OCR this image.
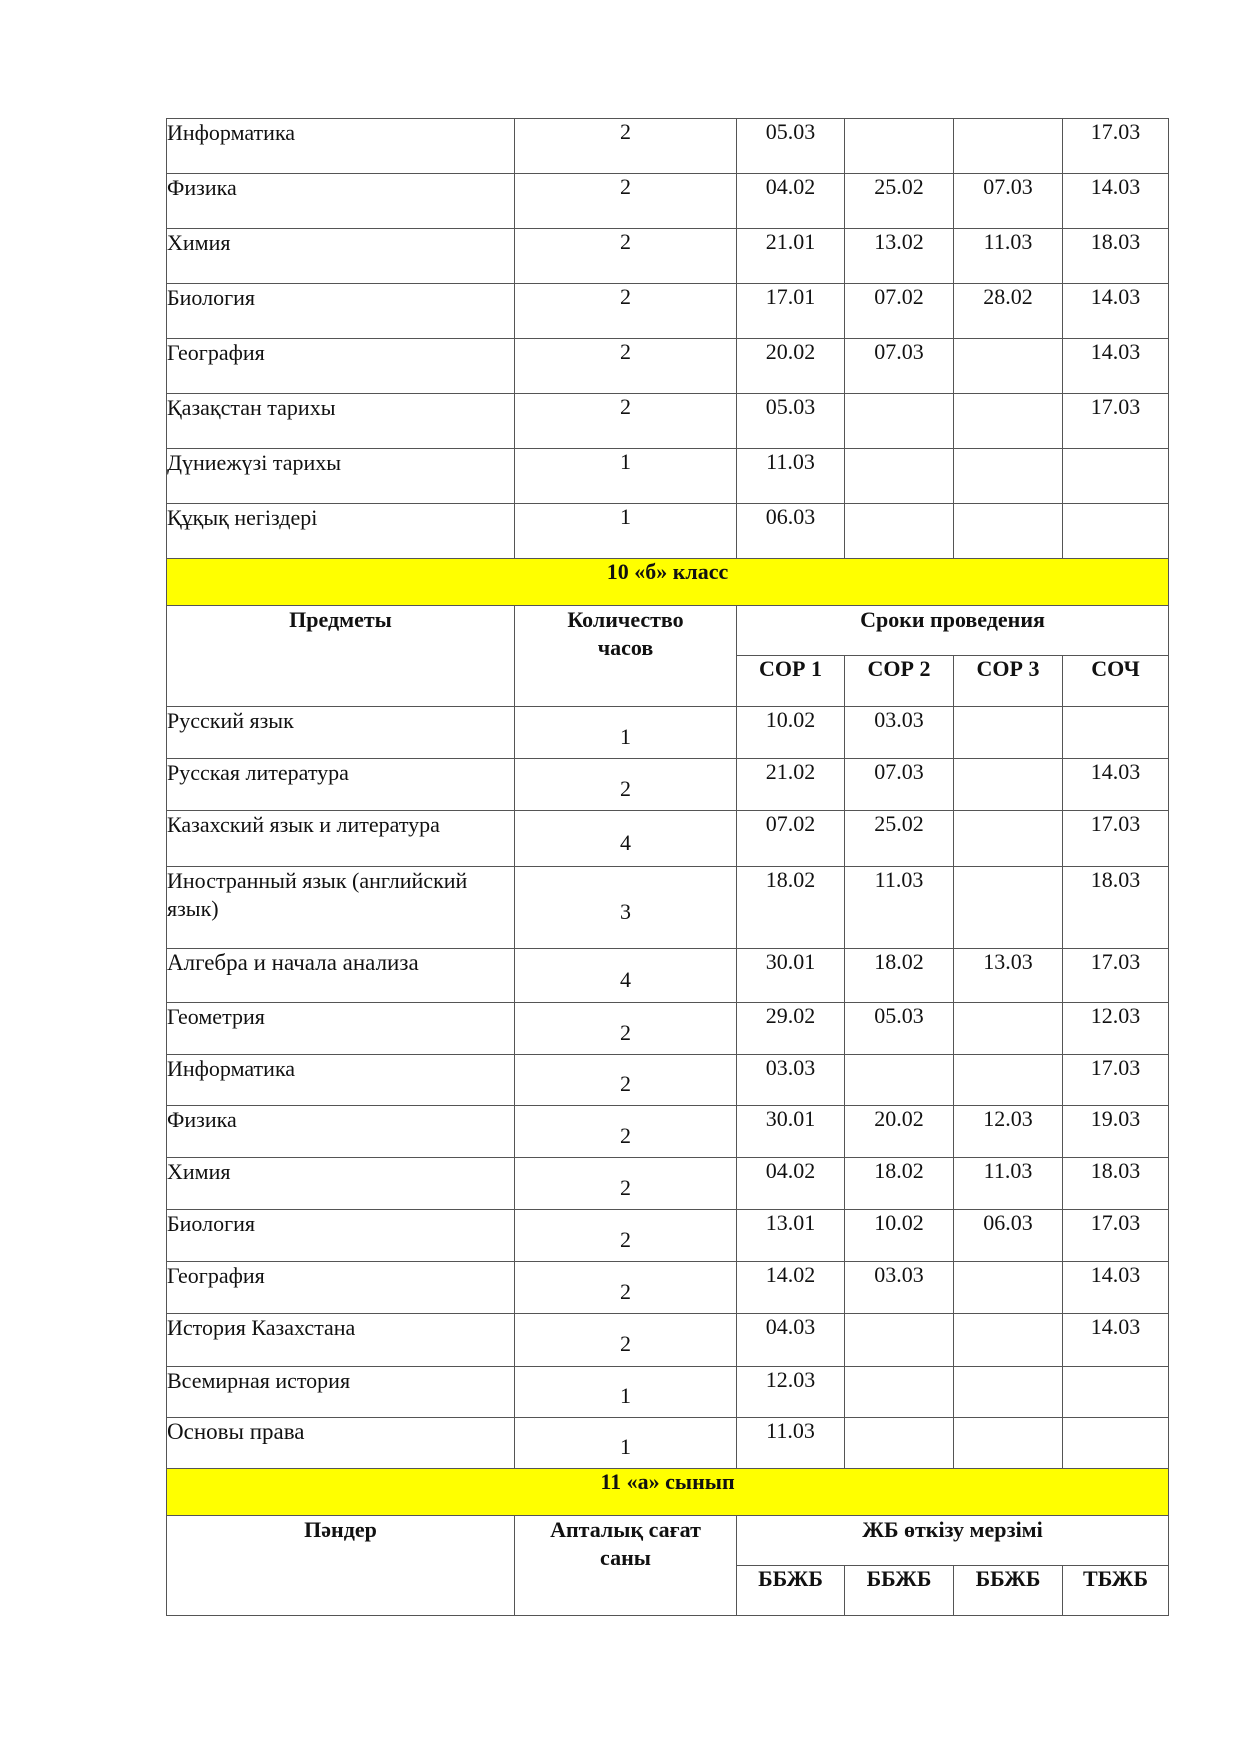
Информатика	2	05.03			17.03
Физика	2	04.02	25.02	07.03	14.03
Химия	2	21.01	13.02	11.03	18.03
Биология	2	17.01	07.02	28.02	14.03
География	2	20.02	07.03		14.03
Қазақстан тарихы	2	05.03			17.03
Дүниежүзі тарихы	1	11.03			
Құқық негіздері	1	06.03			
10 «б» класс					
Предметы	Количество часов	Сроки проведения			
		СОР 1	СОР 2	СОР 3	СОЧ
Русский язык	1	10.02	03.03		
Русская литература	2	21.02	07.03		14.03
Казахский язык и литература	4	07.02	25.02		17.03
Иностранный язык (английский язык)	3	18.02	11.03		18.03
Алгебра и начала анализа	4	30.01	18.02	13.03	17.03
Геометрия	2	29.02	05.03		12.03
Информатика	2	03.03			17.03
Физика	2	30.01	20.02	12.03	19.03
Химия	2	04.02	18.02	11.03	18.03
Биология	2	13.01	10.02	06.03	17.03
География	2	14.02	03.03		14.03
История Казахстана	2	04.03			14.03
Всемирная история	1	12.03			
Основы права	1	11.03			
11 «а» сынып					
Пәндер	Апталық сағат саны	ЖБ өткізу мерзімі			
		ББЖБ	ББЖБ	ББЖБ	ТБЖБ
